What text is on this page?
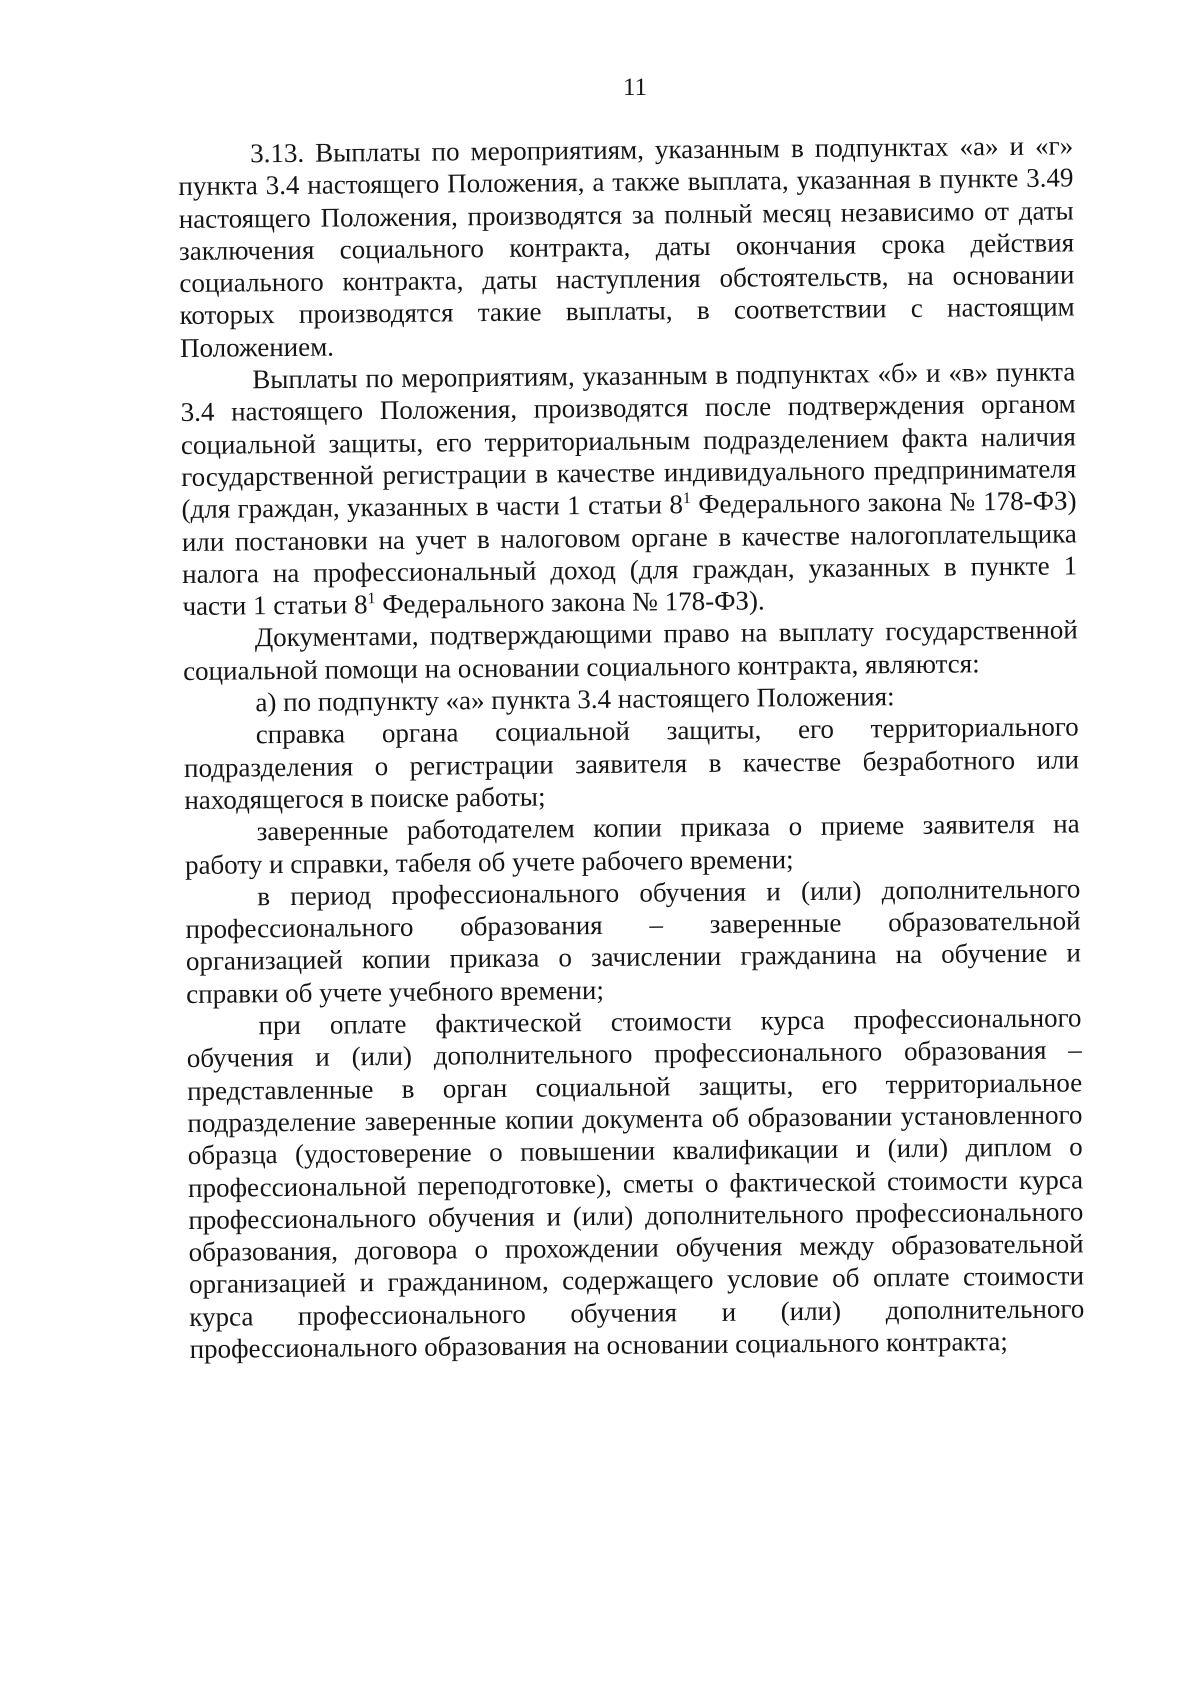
11

3.13. Выплаты по мероприятиям, указанным в подпунктах «а» и «г» пункта 3.4 настоящего Положения, а также выплата, указанная в пункте 3.49 настоящего Положения, производятся за полный месяц независимо от даты заключения социального контракта, даты окончания срока действия социального контракта, даты наступления обстоятельств, на основании которых производятся такие выплаты, в соответствии с настоящим Положением.

Выплаты по мероприятиям, указанным в подпунктах «б» и «в» пункта 3.4 настоящего Положения, производятся после подтверждения органом социальной защиты, его территориальным подразделением факта наличия государственной регистрации в качестве индивидуального предпринимателя (для граждан, указанных в части 1 статьи $8^1$ Федерального закона № 178-ФЗ) или постановки на учет в налоговом органе в качестве налогоплательщика налога на профессиональный доход (для граждан, указанных в пункте 1 части 1 статьи $8^1$ Федерального закона № 178-ФЗ).

Документами, подтверждающими право на выплату государственной социальной помощи на основании социального контракта, являются:

а) по подпункту «а» пункта 3.4 настоящего Положения:

справка органа социальной защиты, его территориального подразделения о регистрации заявителя в качестве безработного или находящегося в поиске работы;

заверенные работодателем копии приказа о приеме заявителя на работу и справки, табеля об учете рабочего времени;

в период профессионального обучения и (или) дополнительного профессионального образования – заверенные образовательной организацией копии приказа о зачислении гражданина на обучение и справки об учете учебного времени;

при оплате фактической стоимости курса профессионального обучения и (или) дополнительного профессионального образования – представленные в орган социальной защиты, его территориальное подразделение заверенные копии документа об образовании установленного образца (удостоверение о повышении квалификации и (или) диплом о профессиональной переподготовке), сметы о фактической стоимости курса профессионального обучения и (или) дополнительного профессионального образования, договора о прохождении обучения между образовательной организацией и гражданином, содержащего условие об оплате стоимости курса профессионального обучения и (или) дополнительного профессионального образования на основании социального контракта;
